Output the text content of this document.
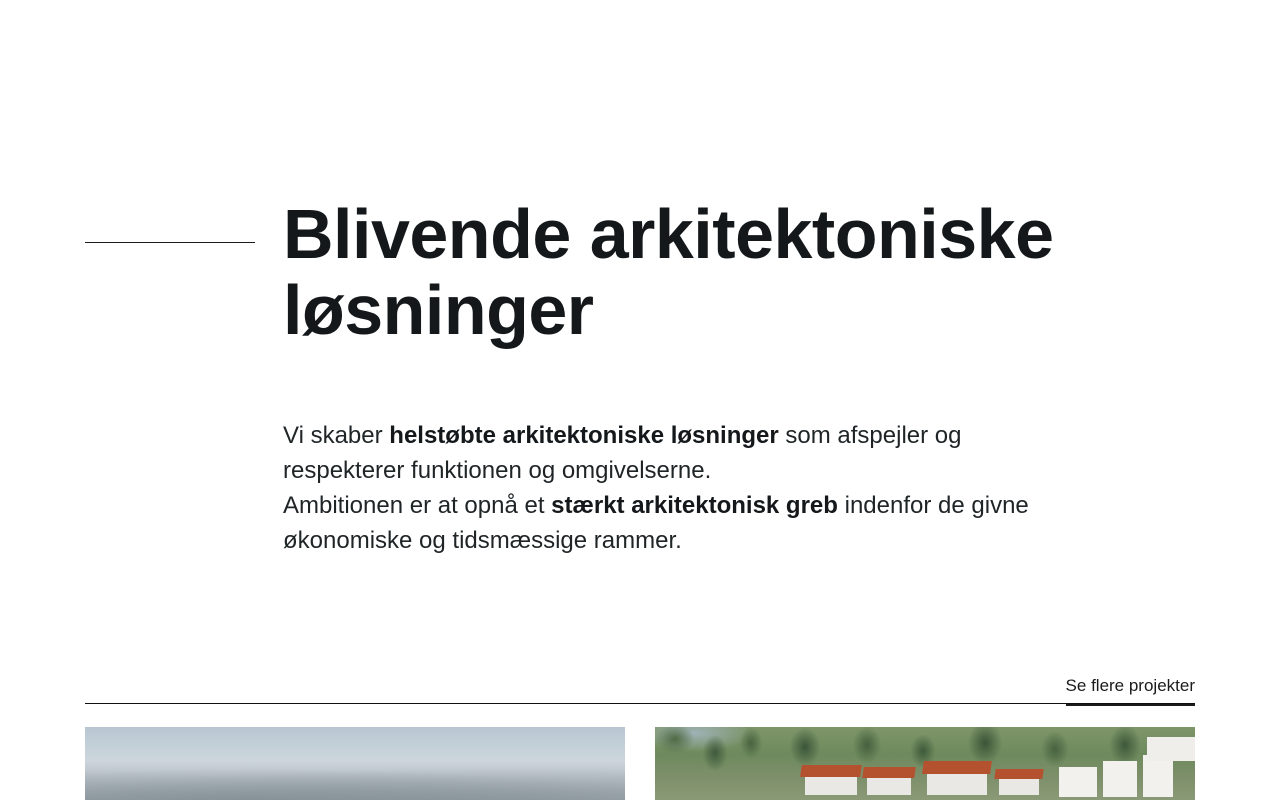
Blivende arkitektoniske løsninger

Vi skaber helstøbte arkitektoniske løsninger som afspejler og respekterer funktionen og omgivelserne.
Ambitionen er at opnå et stærkt arkitektonisk greb indenfor de givne økonomiske og tidsmæssige rammer.

Se flere projekter
